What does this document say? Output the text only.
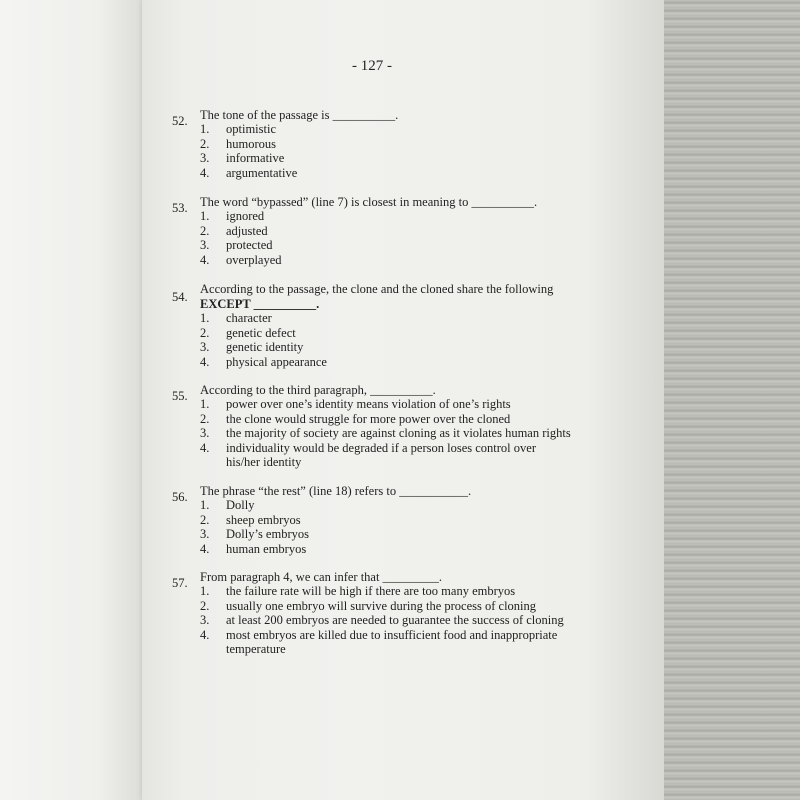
- 127 -
52. The tone of the passage is __________.
1.	optimistic
2.	humorous
3.	informative
4.	argumentative
53. The word “bypassed” (line 7) is closest in meaning to __________.
1.	ignored
2.	adjusted
3.	protected
4.	overplayed
54.
According to the passage, the clone and the cloned share the following
EXCEPT __________.
1.	character
2.	genetic defect
3.	genetic identity
4.	physical appearance
55. According to the third paragraph, __________.
1.	power over one’s identity means violation of one’s rights
2.	the clone would struggle for more power over the cloned
3.	the majority of society are against cloning as it violates human rights
4.	individuality would be degraded if a person loses control over his/her identity
56. The phrase “the rest” (line 18) refers to ___________.
1.	Dolly
2.	sheep embryos
3.	Dolly’s embryos
4.	human embryos
57. From paragraph 4, we can infer that _________.
1.	the failure rate will be high if there are too many embryos
2.	usually one embryo will survive during the process of cloning
3.	at least 200 embryos are needed to guarantee the success of cloning
4.	most embryos are killed due to insufficient food and inappropriate temperature
